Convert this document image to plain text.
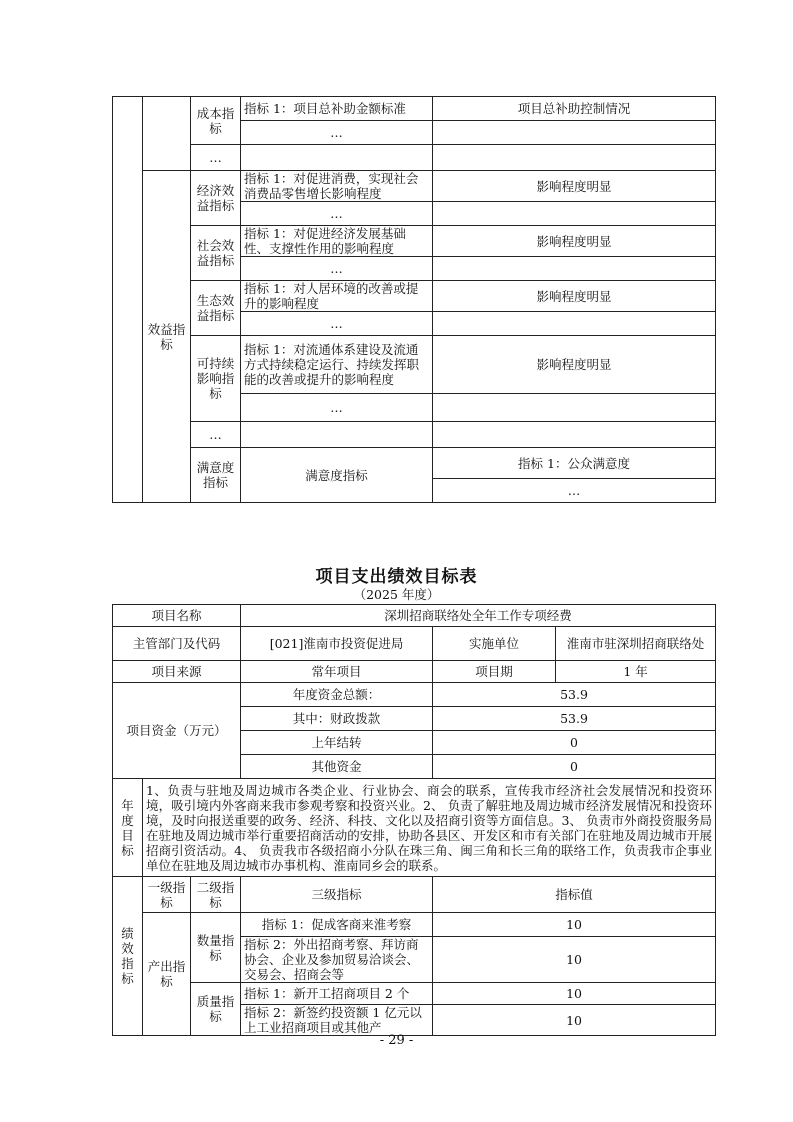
		成本指标	指标 1：项目总补助金额标准	项目总补助控制情况	
			…		
		…			
	效益指标	经济效益指标	指标 1：对促进消费，实现社会消费品零售增长影响程度	影响程度明显	
			…		
		社会效益指标	指标 1：对促进经济发展基础性、支撑性作用的影响程度	影响程度明显	
			…		
		生态效益指标	指标 1：对人居环境的改善或提升的影响程度	影响程度明显	
			…		
		可持续影响指标	指标 1：对流通体系建设及流通方式持续稳定运行、持续发挥职能的改善或提升的影响程度	影响程度明显	
			…		
		…			
		满意度指标	满意度指标	指标 1：公众满意度	
				…	
项目支出绩效目标表
（2025 年度）
项目名称			深圳招商联络处全年工作专项经费		
主管部门及代码			[021]淮南市投资促进局	实施单位	淮南市驻深圳招商联络处
项目来源			常年项目	项目期	1 年
项目资金（万元）			年度资金总额：	53.9	
			其中：财政拨款	53.9	
			上年结转	0	
			其他资金	0	
年度目标	1、负责与驻地及周边城市各类企业、行业协会、商会的联系，宣传我市经济社会发展情况和投资环境，吸引境内外客商来我市参观考察和投资兴业。2、 负责了解驻地及周边城市经济发展情况和投资环境，及时向报送重要的政务、经济、科技、文化以及招商引资等方面信息。3、 负责市外商投资服务局在驻地及周边城市举行重要招商活动的安排，协助各县区、开发区和市有关部门在驻地及周边城市开展招商引资活动。4、 负责我市各级招商小分队在珠三角、闽三角和长三角的联络工作，负责我市企事业单位在驻地及周边城市办事机构、淮南同乡会的联系。				
绩效指标	一级指标	二级指标	三级指标	指标值	
	产出指标	数量指标	指标 1：促成客商来淮考察	10	
			指标 2：外出招商考察、拜访商协会、企业及参加贸易洽谈会、交易会、招商会等	10	
		质量指标	指标 1：新开工招商项目 2 个	10	
			指标 2：新签约投资额 1 亿元以上工业招商项目或其他产	10	
- 29 -
